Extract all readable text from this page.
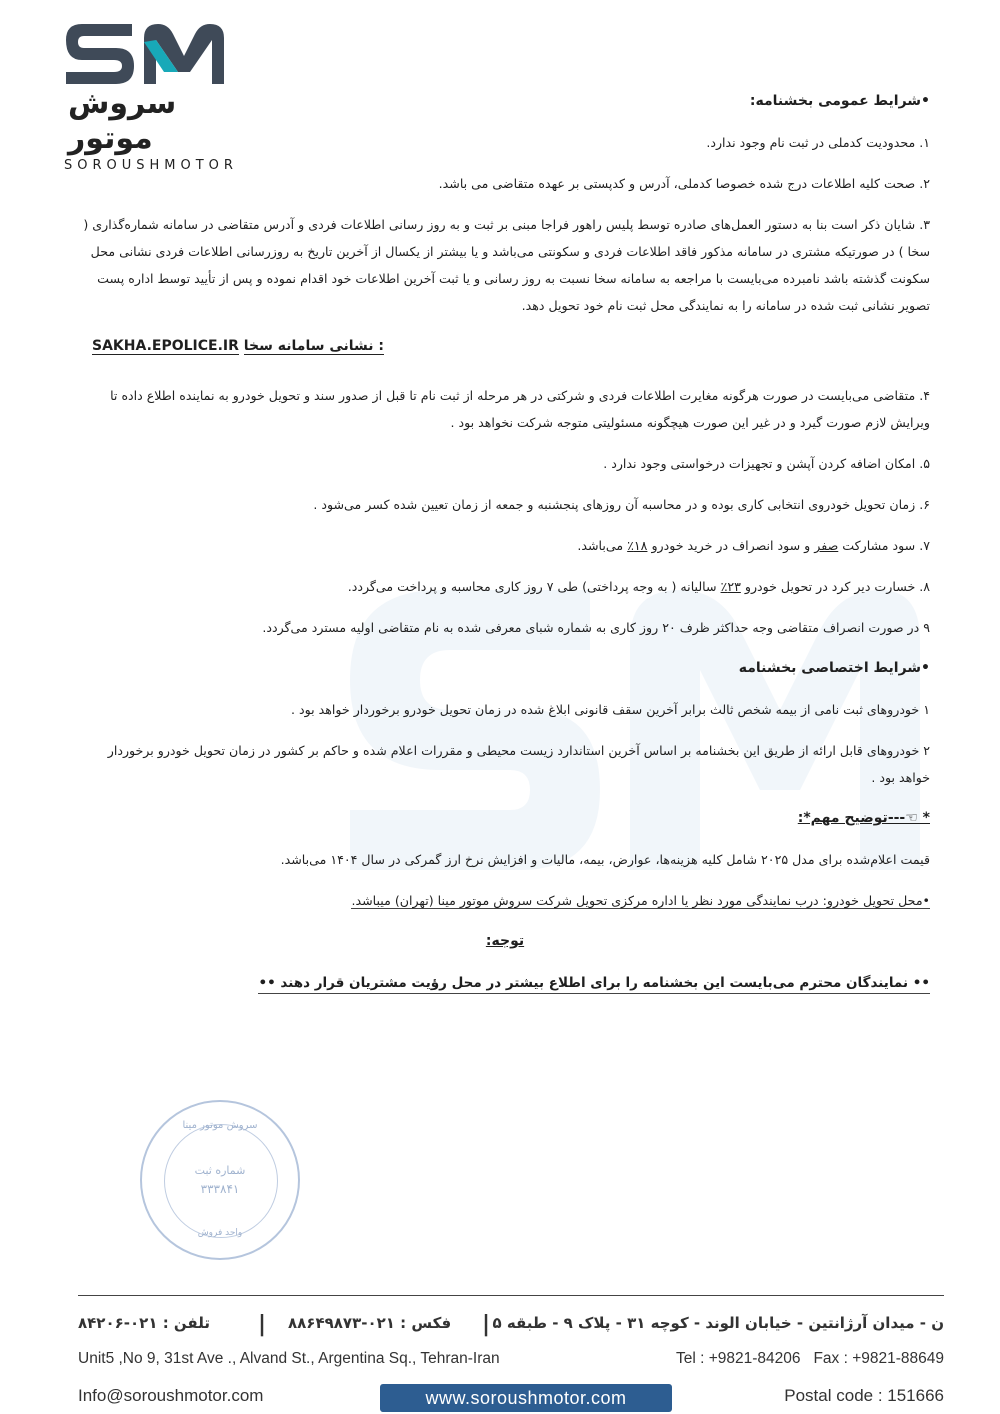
سروش موتور
SOROUSHMOTOR
•شرایط عمومی بخشنامه:
۱. محدودیت کدملی در ثبت نام وجود ندارد.
۲. صحت کلیه اطلاعات درج شده خصوصا کدملی، آدرس و کدپستی بر عهده متقاضی می باشد.
۳. شایان ذکر است بنا به دستور العمل‌های صادره توسط پلیس راهور فراجا مبنی بر ثبت و به روز رسانی اطلاعات فردی و آدرس متقاضی در سامانه شماره‌گذاری ( سخا ) در صورتیکه مشتری در سامانه مذکور فاقد اطلاعات فردی و سکونتی می‌باشد و یا بیشتر از یکسال از آخرین تاریخ به روزرسانی اطلاعات فردی نشانی محل سکونت گذشته باشد نامبرده می‌بایست با مراجعه به سامانه سخا نسبت به روز رسانی و یا ثبت آخرین اطلاعات خود اقدام نموده و پس از تأیید توسط اداره پست تصویر نشانی ثبت شده در سامانه را به نمایندگی محل ثبت نام خود تحویل دهد.
SAKHA.EPOLICE.IR نشانی سامانه سخا :
۴. متقاضی می‌بایست در صورت هرگونه مغایرت اطلاعات فردی و شرکتی در هر مرحله از ثبت نام تا قبل از صدور سند و تحویل خودرو به نماینده اطلاع داده تا ویرایش لازم صورت گیرد و در غیر این صورت هیچگونه مسئولیتی متوجه شرکت نخواهد بود .
۵. امکان اضافه کردن آپشن و تجهیزات درخواستی وجود ندارد .
۶. زمان تحویل خودروی انتخابی کاری بوده و در محاسبه آن روزهای پنجشنبه و جمعه از زمان تعیین شده کسر می‌شود .
۷. سود مشارکت صفر و سود انصراف در خرید خودرو ۱۸٪ می‌باشد.
۸. خسارت دیر کرد در تحویل خودرو ۲۳٪ سالیانه ( به وجه پرداختی) طی ۷ روز کاری محاسبه و پرداخت می‌گردد.
۹ در صورت انصراف متقاضی وجه حداکثر ظرف ۲۰ روز کاری به شماره شبای معرفی شده به نام متقاضی اولیه مسترد می‌گردد.
•شرایط اختصاصی بخشنامه
۱ خودروهای ثبت نامی از بیمه شخص ثالث برابر آخرین سقف قانونی ابلاغ شده در زمان تحویل خودرو برخوردار خواهد بود .
۲ خودروهای قابل ارائه از طریق این بخشنامه بر اساس آخرین استاندارد زیست محیطی و مقررات اعلام شده و حاکم بر کشور در زمان تحویل خودرو برخوردار خواهد بود .
* ☜---توضیح مهم*:
قیمت اعلام‌شده برای مدل ۲۰۲۵ شامل کلیه هزینه‌ها، عوارض، بیمه، مالیات و افزایش نرخ ارز گمرکی در سال ۱۴۰۴ می‌باشد.
•محل تحویل خودرو: درب نمایندگی مورد نظر یا اداره مرکزی تحویل شرکت سروش موتور مینا (تهران) میباشد.
توجه:
•• نمایندگان محترم می‌بایست این بخشنامه را برای اطلاع بیشتر در محل رؤیت مشتریان قرار دهند ••
سروش موتور مینا
شماره ثبت
۳۳۳۸۴۱
واحد فروش
تلفن : ۰۲۱-۸۴۲۰۶ | فکس : ۰۲۱-۸۸۶۴۹۸۷۳ | ن - میدان آرژانتین - خیابان الوند - کوچه ۳۱ - پلاک ۹ - طبقه ۵
Unit5 ,No 9, 31st Ave ., Alvand St., Argentina Sq., Tehran-Iran	Tel : +9821-84206 Fax : +9821-88649
Info@soroushmotor.com	www.soroushmotor.com	Postal code : 151666
